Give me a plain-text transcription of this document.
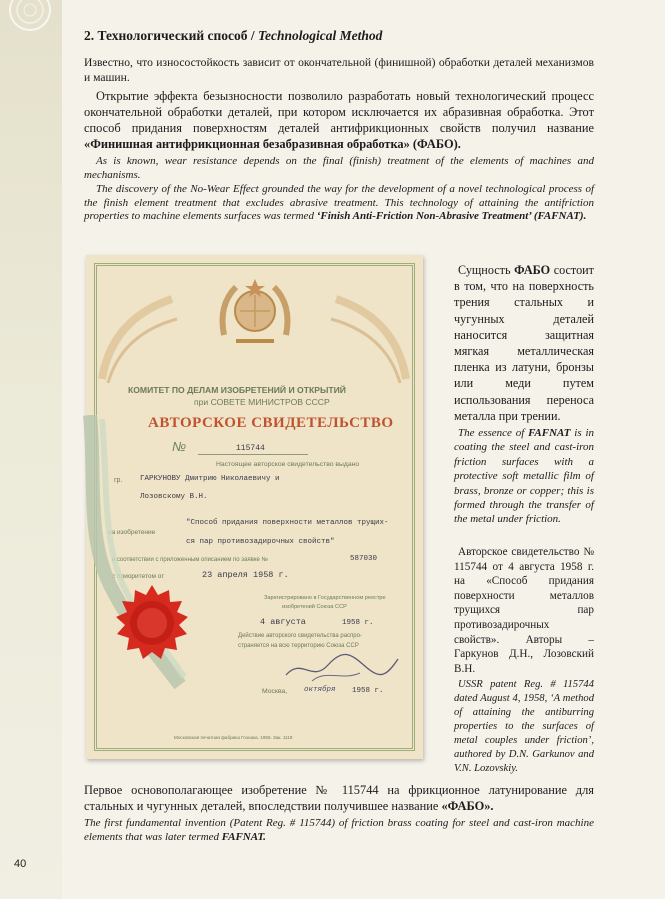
40
2. Технологический способ / Technological Method
Известно, что износостойкость зависит от окончательной (финишной) обработки деталей механизмов и машин.
Открытие эффекта безызносности позволило разработать новый технологический процесс окончательной обработки деталей, при котором исключается их абразивная обработка. Этот способ придания поверхностям деталей антифрикционных свойств получил название «Финишная антифрикционная безабразивная обработка» (ФАБО).
As is known, wear resistance depends on the final (finish) treatment of the elements of machines and mechanisms.
The discovery of the No-Wear Effect grounded the way for the development of a novel technological process of the finish element treatment that excludes abrasive treatment. This technology of attaining the antifriction properties to machine elements surfaces was termed ‘Finish Anti-Friction Non-Abrasive Treatment’ (FAFNAT).
КОМИТЕТ ПО ДЕЛАМ ИЗОБРЕТЕНИЙ И ОТКРЫТИЙ
при СОВЕТЕ МИНИСТРОВ СССР
АВТОРСКОЕ СВИДЕТЕЛЬСТВО
№	115744
Настоящее авторское свидетельство выдано
гр. ГАРКУНОВУ Дмитрию Николаевичу и
Лозовскому В.Н.
на изобретение
"Способ придания поверхности металлов трущих-
ся пар противозадирочных свойств"
в соответствии с приложенным описанием по заявке №	587030
с приоритетом от	23 апреля 1958 г.
Зарегистрировано в Государственном реестре
изобретений Союза ССР
4 августа	1958 г.
Действие авторского свидетельства распро-
страняется на всю территорию Союза ССР
Москва, октября 1958 г.
Московская печатная фабрика Гознака. 1956. Зак. 1119
Сущность ФАБО состоит в том, что на поверхность трения стальных и чугунных деталей наносится защитная мягкая металлическая пленка из латуни, бронзы или меди путем использования переноса металла при трении.
The essence of FAFNAT is in coating the steel and cast-iron friction surfaces with a protective soft metallic film of brass, bronze or copper; this is formed through the transfer of the metal under friction.
Авторское свидетельство № 115744 от 4 августа 1958 г. на «Способ придания поверхности металлов трущихся пар противозадирочных свойств». Авторы – Гаркунов Д.Н., Лозовский В.Н.
USSR patent Reg. # 115744 dated August 4, 1958, ‘A method of attaining the antiburring properties to the surfaces of metal couples under friction’, authored by D.N. Garkunov and V.N. Lozovskiy.
Первое основополагающее изобретение № 115744 на фрикционное латунирование для стальных и чугунных деталей, впоследствии получившее название «ФАБО».
The first fundamental invention (Patent Reg. # 115744) of friction brass coating for steel and cast-iron machine elements that was later termed FAFNAT.
